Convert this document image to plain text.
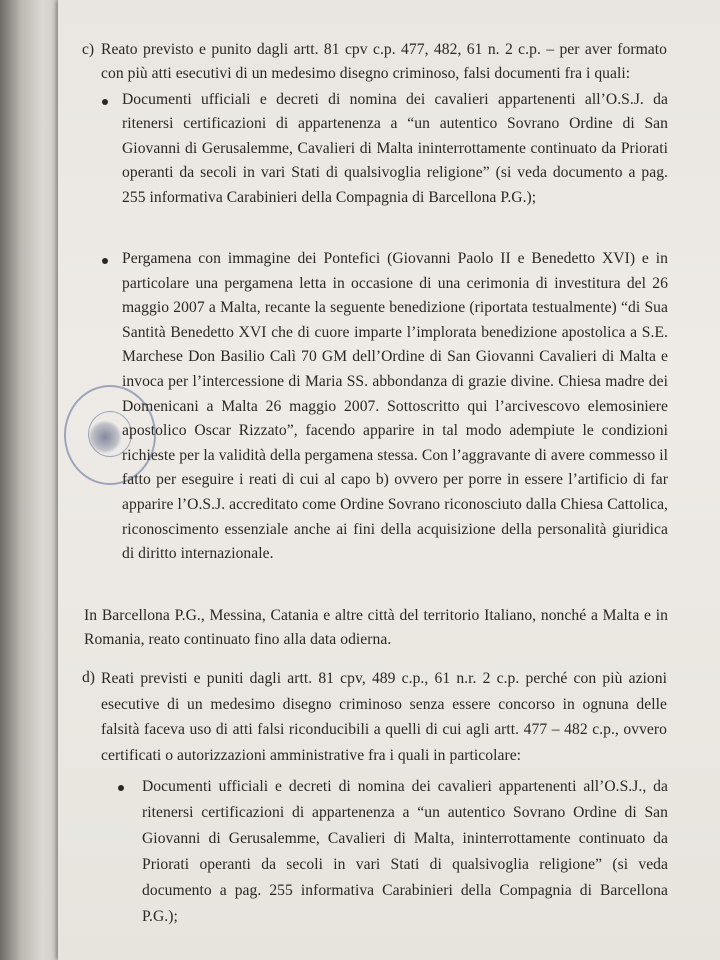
c) Reato previsto e punito dagli artt. 81 cpv c.p. 477, 482, 61 n. 2 c.p. – per aver formato con più atti esecutivi di un medesimo disegno criminoso, falsi documenti fra i quali:

Documenti ufficiali e decreti di nomina dei cavalieri appartenenti all’O.S.J. da ritenersi certificazioni di appartenenza a “un autentico Sovrano Ordine di San Giovanni di Gerusalemme, Cavalieri di Malta ininterrottamente continuato da Priorati operanti da secoli in vari Stati di qualsivoglia religione” (si veda documento a pag. 255 informativa Carabinieri della Compagnia di Barcellona P.G.);

Pergamena con immagine dei Pontefici (Giovanni Paolo II e Benedetto XVI) e in particolare una pergamena letta in occasione di una cerimonia di investitura del 26 maggio 2007 a Malta, recante la seguente benedizione (riportata testualmente) “di Sua Santità Benedetto XVI che di cuore imparte l’implorata benedizione apostolica a S.E. Marchese Don Basilio Calì 70 GM dell’Ordine di San Giovanni Cavalieri di Malta e invoca per l’intercessione di Maria SS. abbondanza di grazie divine. Chiesa madre dei Domenicani a Malta 26 maggio 2007. Sottoscritto qui l’arcivescovo elemosiniere apostolico Oscar Rizzato”, facendo apparire in tal modo adempiute le condizioni richieste per la validità della pergamena stessa. Con l’aggravante di avere commesso il fatto per eseguire i reati di cui al capo b) ovvero per porre in essere l’artificio di far apparire l’O.S.J. accreditato come Ordine Sovrano riconosciuto dalla Chiesa Cattolica, riconoscimento essenziale anche ai fini della acquisizione della personalità giuridica di diritto internazionale.

In Barcellona P.G., Messina, Catania e altre città del territorio Italiano, nonché a Malta e in Romania, reato continuato fino alla data odierna.

d) Reati previsti e puniti dagli artt. 81 cpv, 489 c.p., 61 n.r. 2 c.p. perché con più azioni esecutive di un medesimo disegno criminoso senza essere concorso in ognuna delle falsità faceva uso di atti falsi riconducibili a quelli di cui agli artt. 477 – 482 c.p., ovvero certificati o autorizzazioni amministrative fra i quali in particolare:

Documenti ufficiali e decreti di nomina dei cavalieri appartenenti all’O.S.J., da ritenersi certificazioni di appartenenza a “un autentico Sovrano Ordine di San Giovanni di Gerusalemme, Cavalieri di Malta, ininterrottamente continuato da Priorati operanti da secoli in vari Stati di qualsivoglia religione” (si veda documento a pag. 255 informativa Carabinieri della Compagnia di Barcellona P.G.);
